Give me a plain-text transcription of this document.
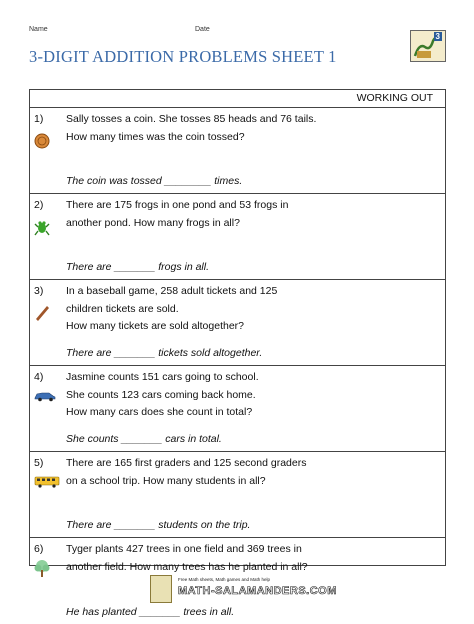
Name	Date
3-DIGIT ADDITION PROBLEMS SHEET 1
3
WORKING OUT
1) Sally tosses a coin. She tosses 85 heads and 76 tails.
How many times was the coin tossed?
The coin was tossed ________ times.
2) There are 175 frogs in one pond and 53 frogs in
another pond. How many frogs in all?
There are _______ frogs in all.
3) In a baseball game, 258 adult tickets and 125
children tickets are sold.
How many tickets are sold altogether?
There are _______ tickets sold altogether.
4) Jasmine counts 151 cars going to school.
She counts 123 cars coming back home.
How many cars does she count in total?
She counts _______ cars in total.
5) There are 165 first graders and 125 second graders
on a school trip. How many students in all?
There are _______ students on the trip.
6) Tyger plants 427 trees in one field and 369 trees in
another field. How many trees has he planted in all?
He has planted _______ trees in all.
Free Math sheets, Math games and Math help
MATH-SALAMANDERS.COM
